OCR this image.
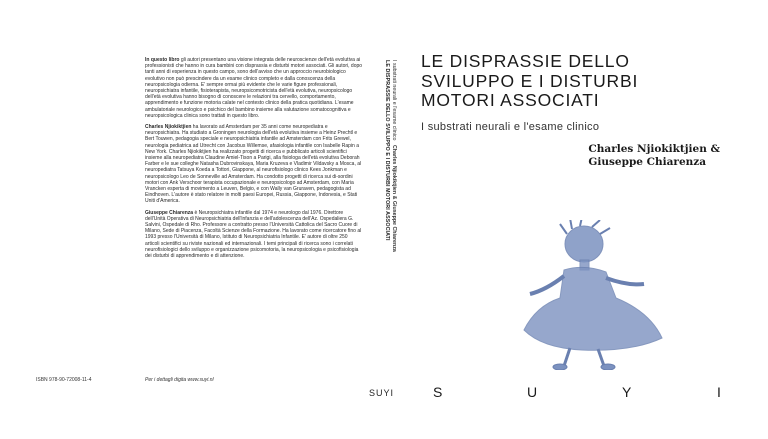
In questo libro gli autori presentano una visione integrata delle neuroscienze dell'età evolutiva ai professionisti che hanno in cura bambini con disprassia e disturbi motori associati. Gli autori, dopo tanti anni di esperienza in questo campo, sono dell'avviso che un approccio neurobiologico evolutivo non può prescindere da un esame clinico completo e dalla conoscenza della neuropsicologia odierna. E' sempre ormai più evidente che le varie figure professionali, neuropsichiatra infantile, fisioterapista, neuropsicomotricista dell'età evolutiva, neuropsicologo dell'età evolutiva hanno bisogno di conoscere le relazioni tra cervello, comportamento, apprendimento e funzione motoria calate nel contesto clinico della pratica quotidiana. L'esame ambulatoriale neurologico e psichico del bambino insieme alla valutazione somatocognitiva e neuropsicologica clinica sono trattati in questo libro.

Charles Njiokiktjien ha lavorato ad Amsterdam per 35 anni come neuropediatra e neuropsichiatra. Ha studiato a Groningen neurologia dell'età evolutiva insieme a Heinz Prechtl e Bert Touwen, pedagogia speciale e neuropsichiatria infantile ad Amsterdam con Frits Grewel, neurologia pediatrica ad Utrecht con Jacobus Willemse, afasiologia infantile con Isabelle Rapin a New York. Charles Njiokiktjien ha realizzato progetti di ricerca e pubblicato articoli scientifici insieme alla neuropediatra Claudine Amiel-Tison a Parigi, alla fisiologa dell'età evolutiva Deborah Farber e le sue colleghe Natasha Dubrovinskaya, Maria Kruzeva e Vladimir Vildavsky a Mosca, al neuropediatra Tatsuya Koeda a Tottori, Giappone, al neurofisiologo clinico Kees Jonkman e neuropsicologo Leo de Sonneville ad Amsterdam. Ha condotto progetti di ricerca sui di-sordini motori con Ank Verschoor terapista occupazionale e neuropsicologo ad Amsterdam, con Maria Vrancken esperta di movimento a Leuven, Belgio, e con Wally van Gruraven, pedagogista ad Eindhoven. L'autore è stato relatore in molti paesi Europei, Russia, Giappone, Indonesia, e Stati Uniti d'America.

Giuseppe Chiarenza è Neuropsichiatra infantile dal 1974 e neurologo dal 1976. Direttore dell'Unità Operativa di Neuropsichiatria dell'infanzia e dell'adolescenza dell'Az. Ospedaliera G. Salvini, Ospedale di Rho. Professore a contratto presso l'Università Cattolica del Sacro Cuore di Milano, Sede di Piacenza, Facoltà Scienze della Formazione. Ha lavorato come ricercatore fino al 1993 presso l'Università di Milano, Istituto di Neuropsichiatria Infantile. E' autore di oltre 250 articoli scientifici su riviste nazionali ed internazionali. I temi principali di ricerca sono i correlati neurofisiologici dello sviluppo e organizzazione psicomotoria, la neuropsicologia e psicofisiologia dei disturbi di apprendimento e di attenzione.

ISBN 978-90-72008-11-4	Per i dettagli digita www.suyi.nl
LE DISPRASSIE DELLO SVILUPPO E I DISTURBI MOTORI ASSOCIATI I substrati neurali e l'esame clinico   Charles Njiokiktjien & Giuseppe Chiarenza
SUYI
LE DISPRASSIE DELLO
SVILUPPO E I DISTURBI
MOTORI ASSOCIATI
I substrati neurali e l'esame clinico
Charles Njiokiktjien &
Giuseppe Chiarenza
S	U	Y	I
